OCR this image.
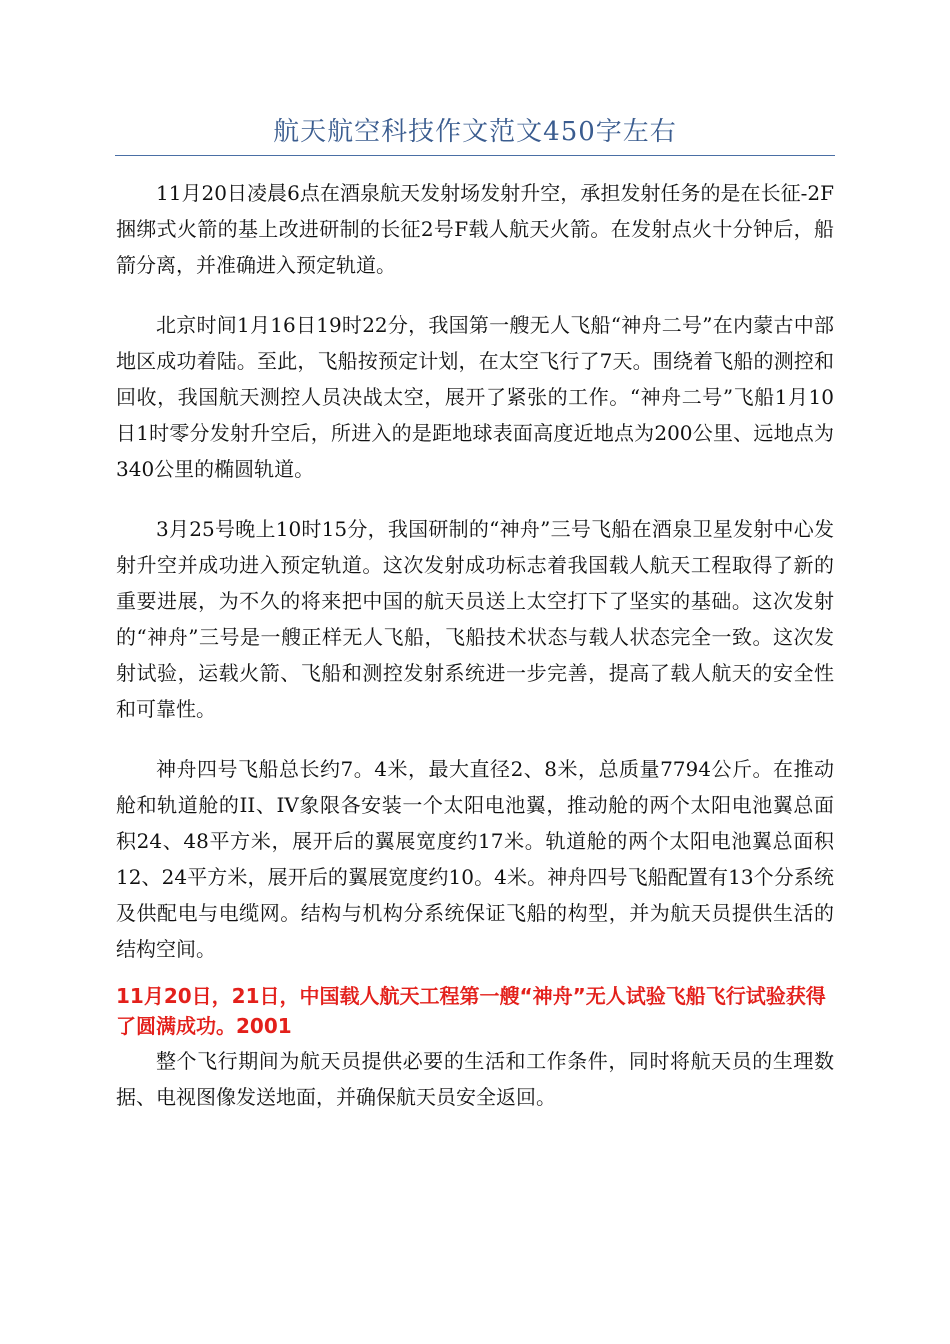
航天航空科技作文范文450字左右

11月20日凌晨6点在酒泉航天发射场发射升空，承担发射任务的是在长征-2F捆绑式火箭的基上改进研制的长征2号F载人航天火箭。在发射点火十分钟后，船箭分离，并准确进入预定轨道。

北京时间1月16日19时22分，我国第一艘无人飞船“神舟二号”在内蒙古中部地区成功着陆。至此，飞船按预定计划，在太空飞行了7天。围绕着飞船的测控和回收，我国航天测控人员决战太空，展开了紧张的工作。“神舟二号”飞船1月10日1时零分发射升空后，所进入的是距地球表面高度近地点为200公里、远地点为340公里的椭圆轨道。

3月25号晚上10时15分，我国研制的“神舟”三号飞船在酒泉卫星发射中心发射升空并成功进入预定轨道。这次发射成功标志着我国载人航天工程取得了新的重要进展，为不久的将来把中国的航天员送上太空打下了坚实的基础。这次发射的“神舟”三号是一艘正样无人飞船，飞船技术状态与载人状态完全一致。这次发射试验，运载火箭、飞船和测控发射系统进一步完善，提高了载人航天的安全性和可靠性。

神舟四号飞船总长约7。4米，最大直径2、8米，总质量7794公斤。在推动舱和轨道舱的II、IV象限各安装一个太阳电池翼，推动舱的两个太阳电池翼总面积24、48平方米，展开后的翼展宽度约17米。轨道舱的两个太阳电池翼总面积12、24平方米，展开后的翼展宽度约10。4米。神舟四号飞船配置有13个分系统及供配电与电缆网。结构与机构分系统保证飞船的构型，并为航天员提供生活的结构空间。

11月20日，21日，中国载人航天工程第一艘“神舟”无人试验飞船飞行试验获得了圆满成功。2001

整个飞行期间为航天员提供必要的生活和工作条件，同时将航天员的生理数据、电视图像发送地面，并确保航天员安全返回。
